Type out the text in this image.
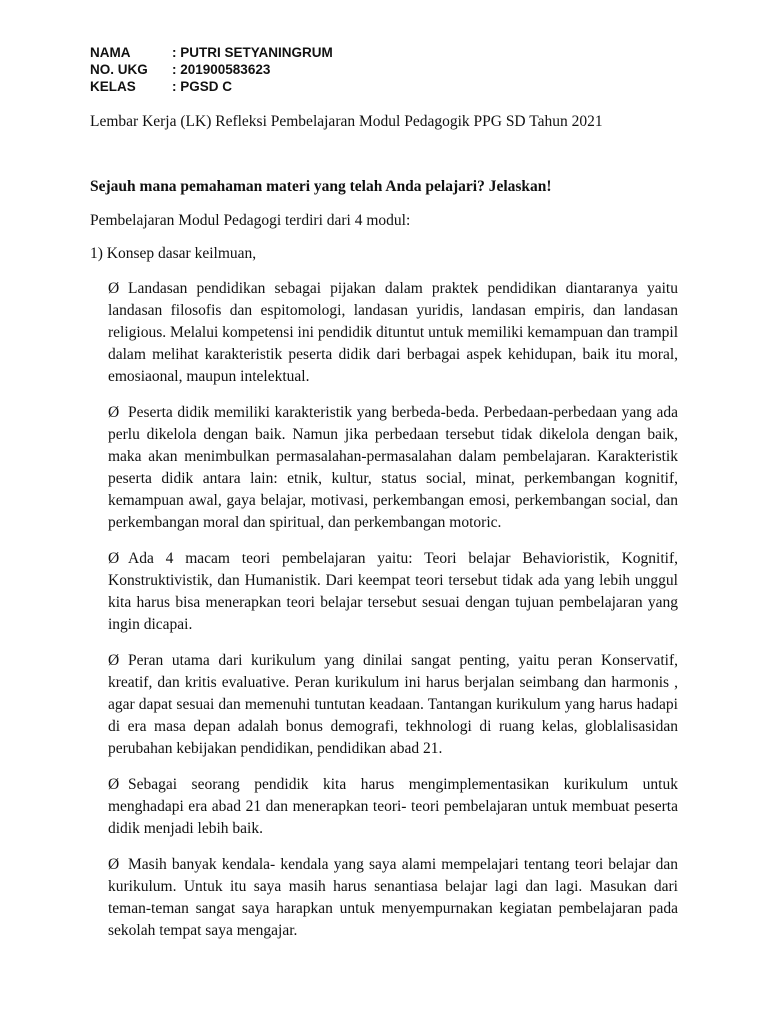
NAMA	: PUTRI SETYANINGRUM
NO. UKG	: 201900583623
KELAS	: PGSD C

Lembar Kerja (LK) Refleksi Pembelajaran Modul Pedagogik PPG SD Tahun 2021

Sejauh mana pemahaman materi yang telah Anda pelajari? Jelaskan!

Pembelajaran Modul Pedagogi terdiri dari 4 modul:

1) Konsep dasar keilmuan,

Ø Landasan pendidikan sebagai pijakan dalam praktek pendidikan diantaranya yaitu landasan filosofis dan espitomologi, landasan yuridis, landasan empiris, dan landasan religious. Melalui kompetensi ini pendidik dituntut untuk memiliki kemampuan dan trampil dalam melihat karakteristik peserta didik dari berbagai aspek kehidupan, baik itu moral, emosiaonal, maupun intelektual.

Ø Peserta didik memiliki karakteristik yang berbeda-beda. Perbedaan-perbedaan yang ada perlu dikelola dengan baik. Namun jika perbedaan tersebut tidak dikelola dengan baik, maka akan menimbulkan permasalahan-permasalahan dalam pembelajaran. Karakteristik peserta didik antara lain: etnik, kultur, status social, minat, perkembangan kognitif, kemampuan awal, gaya belajar, motivasi, perkembangan emosi, perkembangan social, dan perkembangan moral dan spiritual, dan perkembangan motoric.

Ø Ada 4 macam teori pembelajaran yaitu: Teori belajar Behavioristik, Kognitif, Konstruktivistik, dan Humanistik. Dari keempat teori tersebut tidak ada yang lebih unggul kita harus bisa menerapkan teori belajar tersebut sesuai dengan tujuan pembelajaran yang ingin dicapai.

Ø Peran utama dari kurikulum yang dinilai sangat penting, yaitu peran Konservatif, kreatif, dan kritis evaluative. Peran kurikulum ini harus berjalan seimbang dan harmonis , agar dapat sesuai dan memenuhi tuntutan keadaan. Tantangan kurikulum yang harus hadapi di era masa depan adalah bonus demografi, tekhnologi di ruang kelas, globlalisasidan perubahan kebijakan pendidikan, pendidikan abad 21.

Ø Sebagai seorang pendidik kita harus mengimplementasikan kurikulum untuk menghadapi era abad 21 dan menerapkan teori- teori pembelajaran untuk membuat peserta didik menjadi lebih baik.

Ø Masih banyak kendala- kendala yang saya alami mempelajari tentang teori belajar dan kurikulum. Untuk itu saya masih harus senantiasa belajar lagi dan lagi. Masukan dari teman-teman sangat saya harapkan untuk menyempurnakan kegiatan pembelajaran pada sekolah tempat saya mengajar.
